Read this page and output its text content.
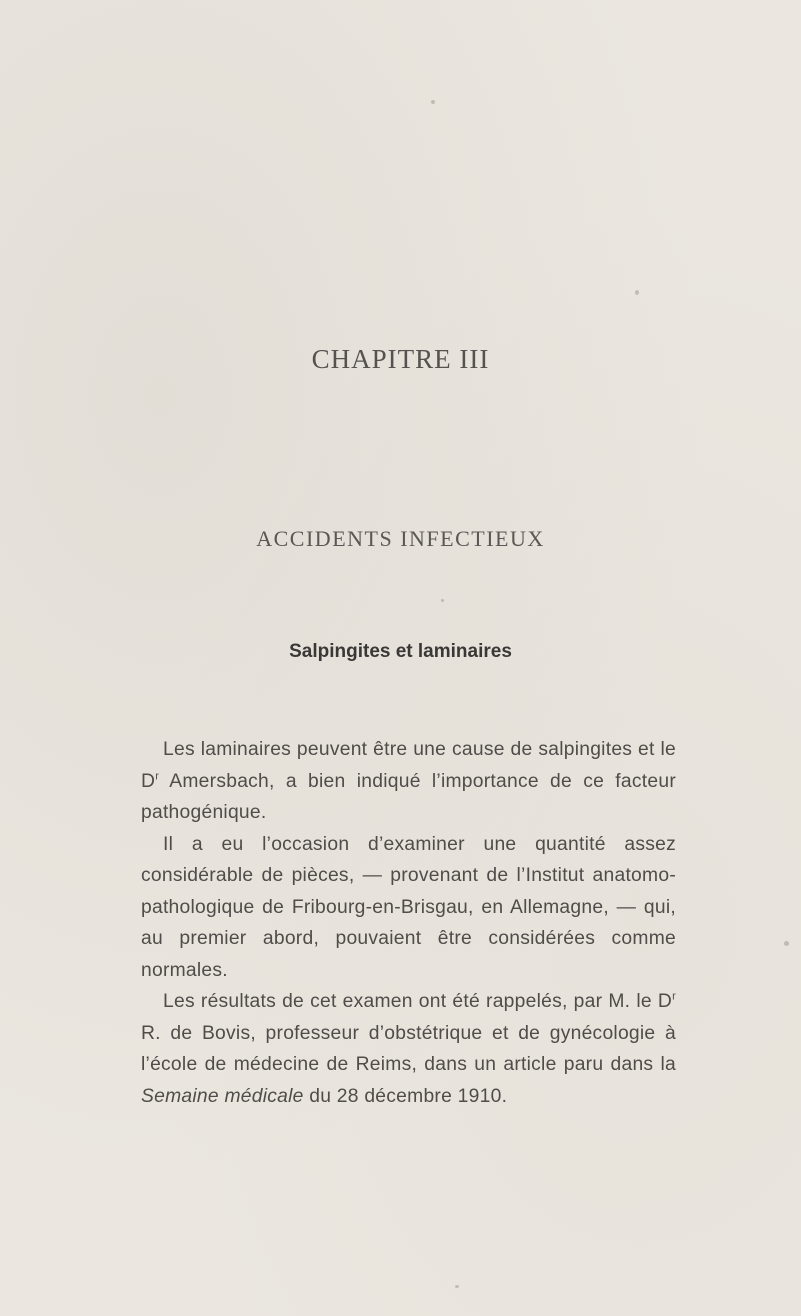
CHAPITRE III
ACCIDENTS INFECTIEUX
Salpingites et laminaires

Les laminaires peuvent être une cause de salpingites et le $D^r$ Amersbach, a bien indiqué l’importance de ce facteur pathogénique.

Il a eu l’occasion d’examiner une quantité assez considérable de pièces, — provenant de l’Institut anatomo-pathologique de Fribourg-en-Brisgau, en Allemagne, — qui, au premier abord, pouvaient être considérées comme normales.

Les résultats de cet examen ont été rappelés, par M. le $D^r$ R. de Bovis, professeur d’obstétrique et de gynécologie à l’école de médecine de Reims, dans un article paru dans la Semaine médicale du 28 décembre 1910.
